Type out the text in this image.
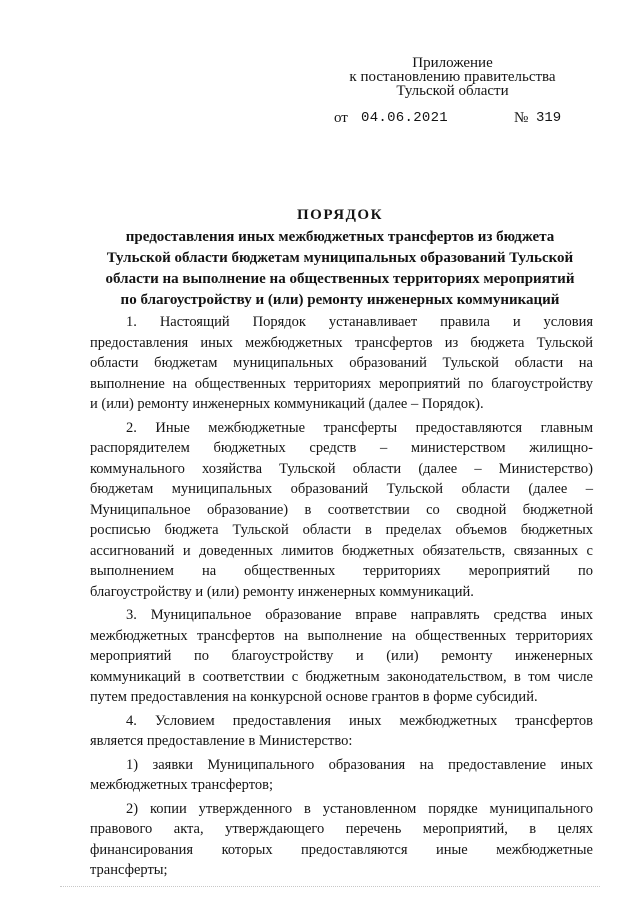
Приложение
к постановлению правительства
Тульской области
от 04.06.2021	№ 319
ПОРЯДОК
предоставления иных межбюджетных трансфертов из бюджета
Тульской области бюджетам муниципальных образований Тульской
области на выполнение на общественных территориях мероприятий
по благоустройству и (или) ремонту инженерных коммуникаций
1. Настоящий Порядок устанавливает правила и условия
предоставления иных межбюджетных трансфертов из бюджета Тульской
области бюджетам муниципальных образований Тульской области на
выполнение на общественных территориях мероприятий по благоустройству
и (или) ремонту инженерных коммуникаций (далее – Порядок).
2. Иные межбюджетные трансферты предоставляются главным
распорядителем бюджетных средств – министерством жилищно-
коммунального хозяйства Тульской области (далее – Министерство)
бюджетам муниципальных образований Тульской области (далее –
Муниципальное образование) в соответствии со сводной бюджетной
росписью бюджета Тульской области в пределах объемов бюджетных
ассигнований и доведенных лимитов бюджетных обязательств, связанных с
выполнением на общественных территориях мероприятий по
благоустройству и (или) ремонту инженерных коммуникаций.
3. Муниципальное образование вправе направлять средства иных
межбюджетных трансфертов на выполнение на общественных территориях
мероприятий по благоустройству и (или) ремонту инженерных
коммуникаций в соответствии с бюджетным законодательством, в том числе
путем предоставления на конкурсной основе грантов в форме субсидий.
4. Условием предоставления иных межбюджетных трансфертов
является предоставление в Министерство:
1) заявки Муниципального образования на предоставление иных
межбюджетных трансфертов;
2) копии утвержденного в установленном порядке муниципального
правового акта, утверждающего перечень мероприятий, в целях
финансирования которых предоставляются иные межбюджетные
трансферты;
